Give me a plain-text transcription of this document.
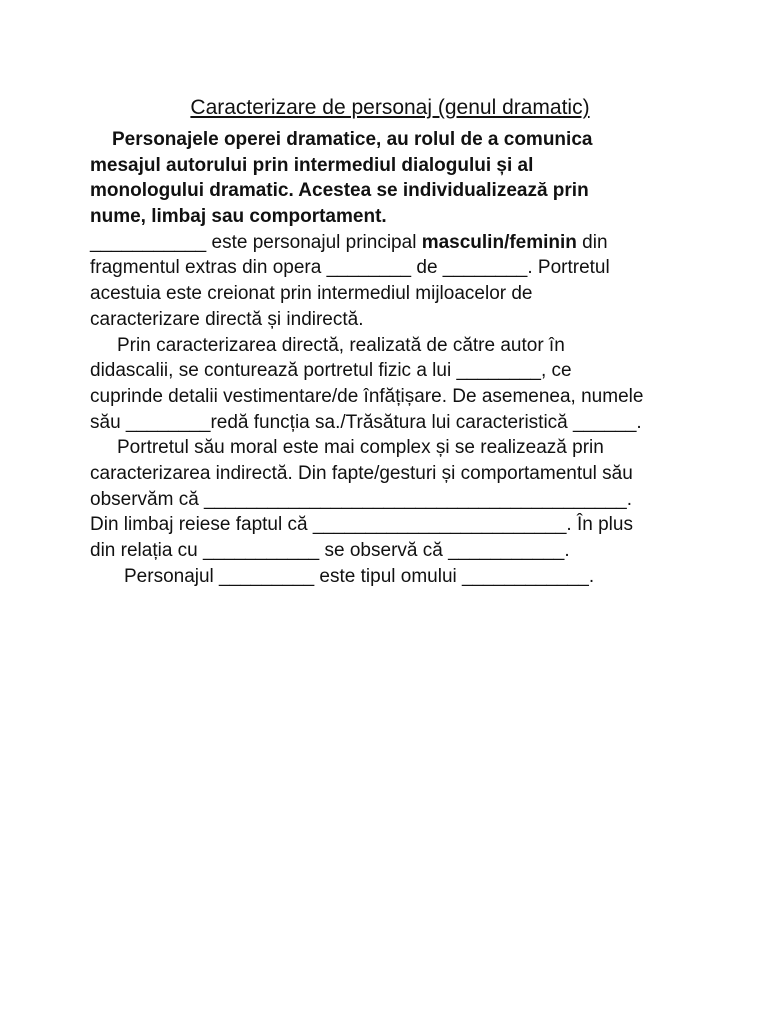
Caracterizare de personaj (genul dramatic)
Personajele operei dramatice, au rolul de a comunica
mesajul autorului prin intermediul dialogului și al
monologului dramatic. Acestea se individualizează prin
nume, limbaj sau comportament.
___________ este personajul principal masculin/feminin din
fragmentul extras din opera ________ de ________. Portretul
acestuia este creionat prin intermediul mijloacelor de
caracterizare directă și indirectă.
Prin caracterizarea directă, realizată de către autor în
didascalii, se conturează portretul fizic a lui ________, ce
cuprinde detalii vestimentare/de înfățișare. De asemenea, numele
său ________redă funcția sa./Trăsătura lui caracteristică ______.
Portretul său moral este mai complex și se realizează prin
caracterizarea indirectă. Din fapte/gesturi și comportamentul său
observăm că ________________________________________.
Din limbaj reiese faptul că ________________________. În plus
din relația cu ___________ se observă că ___________.
Personajul _________ este tipul omului ____________.
